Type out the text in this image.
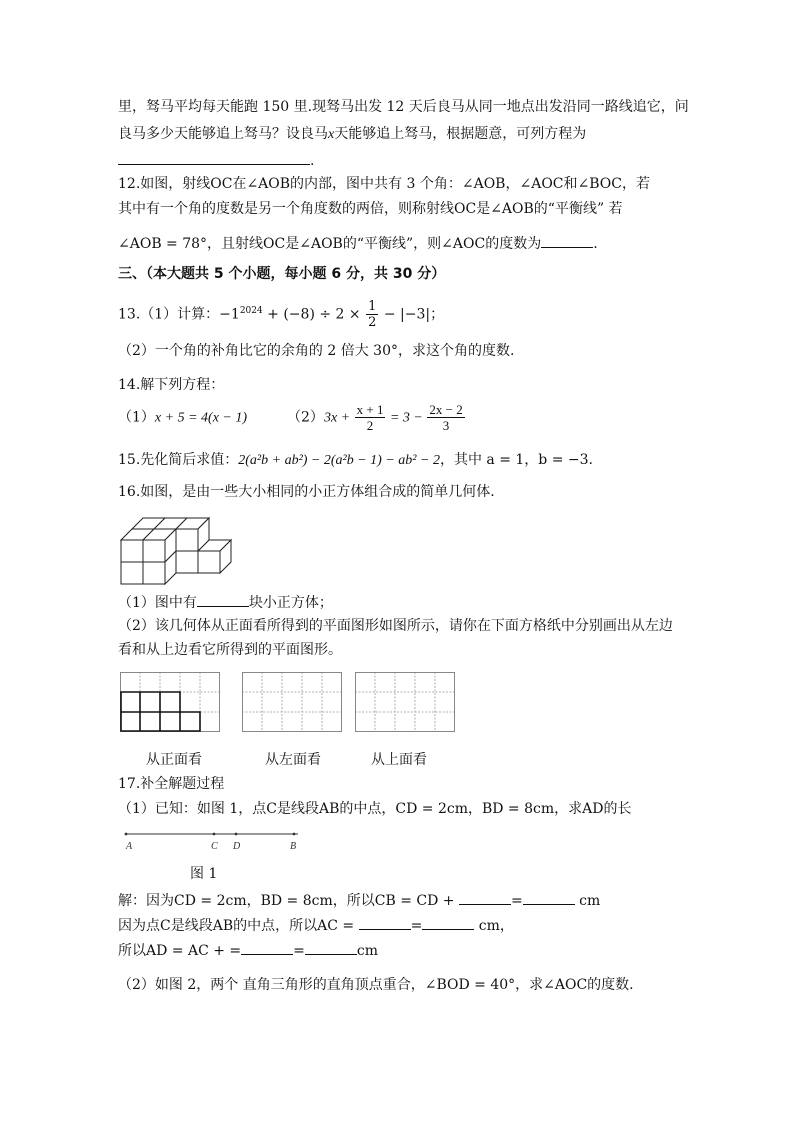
里，驽马平均每天能跑 150 里.现驽马出发 12 天后良马从同一地点出发沿同一路线追它，问
良马多少天能够追上驽马？设良马x天能够追上驽马，根据题意，可列方程为
.
12.如图，射线OC在∠AOB的内部，图中共有 3 个角：∠AOB，∠AOC和∠BOC，若
其中有一个角的度数是另一个角度数的两倍，则称射线OC是∠AOB的“平衡线” 若
∠AOB = 78°，且射线OC是∠AOB的“平衡线”，则∠AOC的度数为	.
三、（本大题共 5 个小题，每小题 6 分，共 30 分）
13.（1）计算：$-1^{2024} + (-8) \div 2 \times \frac{1}{2} - |-3|$；
（2）一个角的补角比它的余角的 2 倍大 30°，求这个角的度数.
14.解下列方程：
（1）x + 5 = 4(x − 1)	$(2)3x + \frac{x + 1}{2} = 3 - \frac{2x - 2}{3}$
15.先化简后求值：2(a²b + ab²) − 2(a²b − 1) − ab² − 2，其中 a = 1，b = −3.
16.如图，是由一些大小相同的小正方体组合成的简单几何体.
（1）图中有	块小正方体；
（2）该几何体从正面看所得到的平面图形如图所示，请你在下面方格纸中分别画出从左边
看和从上边看它所得到的平面图形。
从正面看	从左面看	从上面看
17.补全解题过程
（1）已知：如图 1，点C是线段AB的中点，CD = 2cm，BD = 8cm，求AD的长
A	C D	B
图 1
解：因为CD = 2cm，BD = 8cm，所以CB = CD +	=	cm
因为点C是线段AB的中点，所以AC =	=	cm，
所以AD = AC + =	=	cm
（2）如图 2，两个 直角三角形的直角顶点重合，∠BOD = 40°，求∠AOC的度数.
